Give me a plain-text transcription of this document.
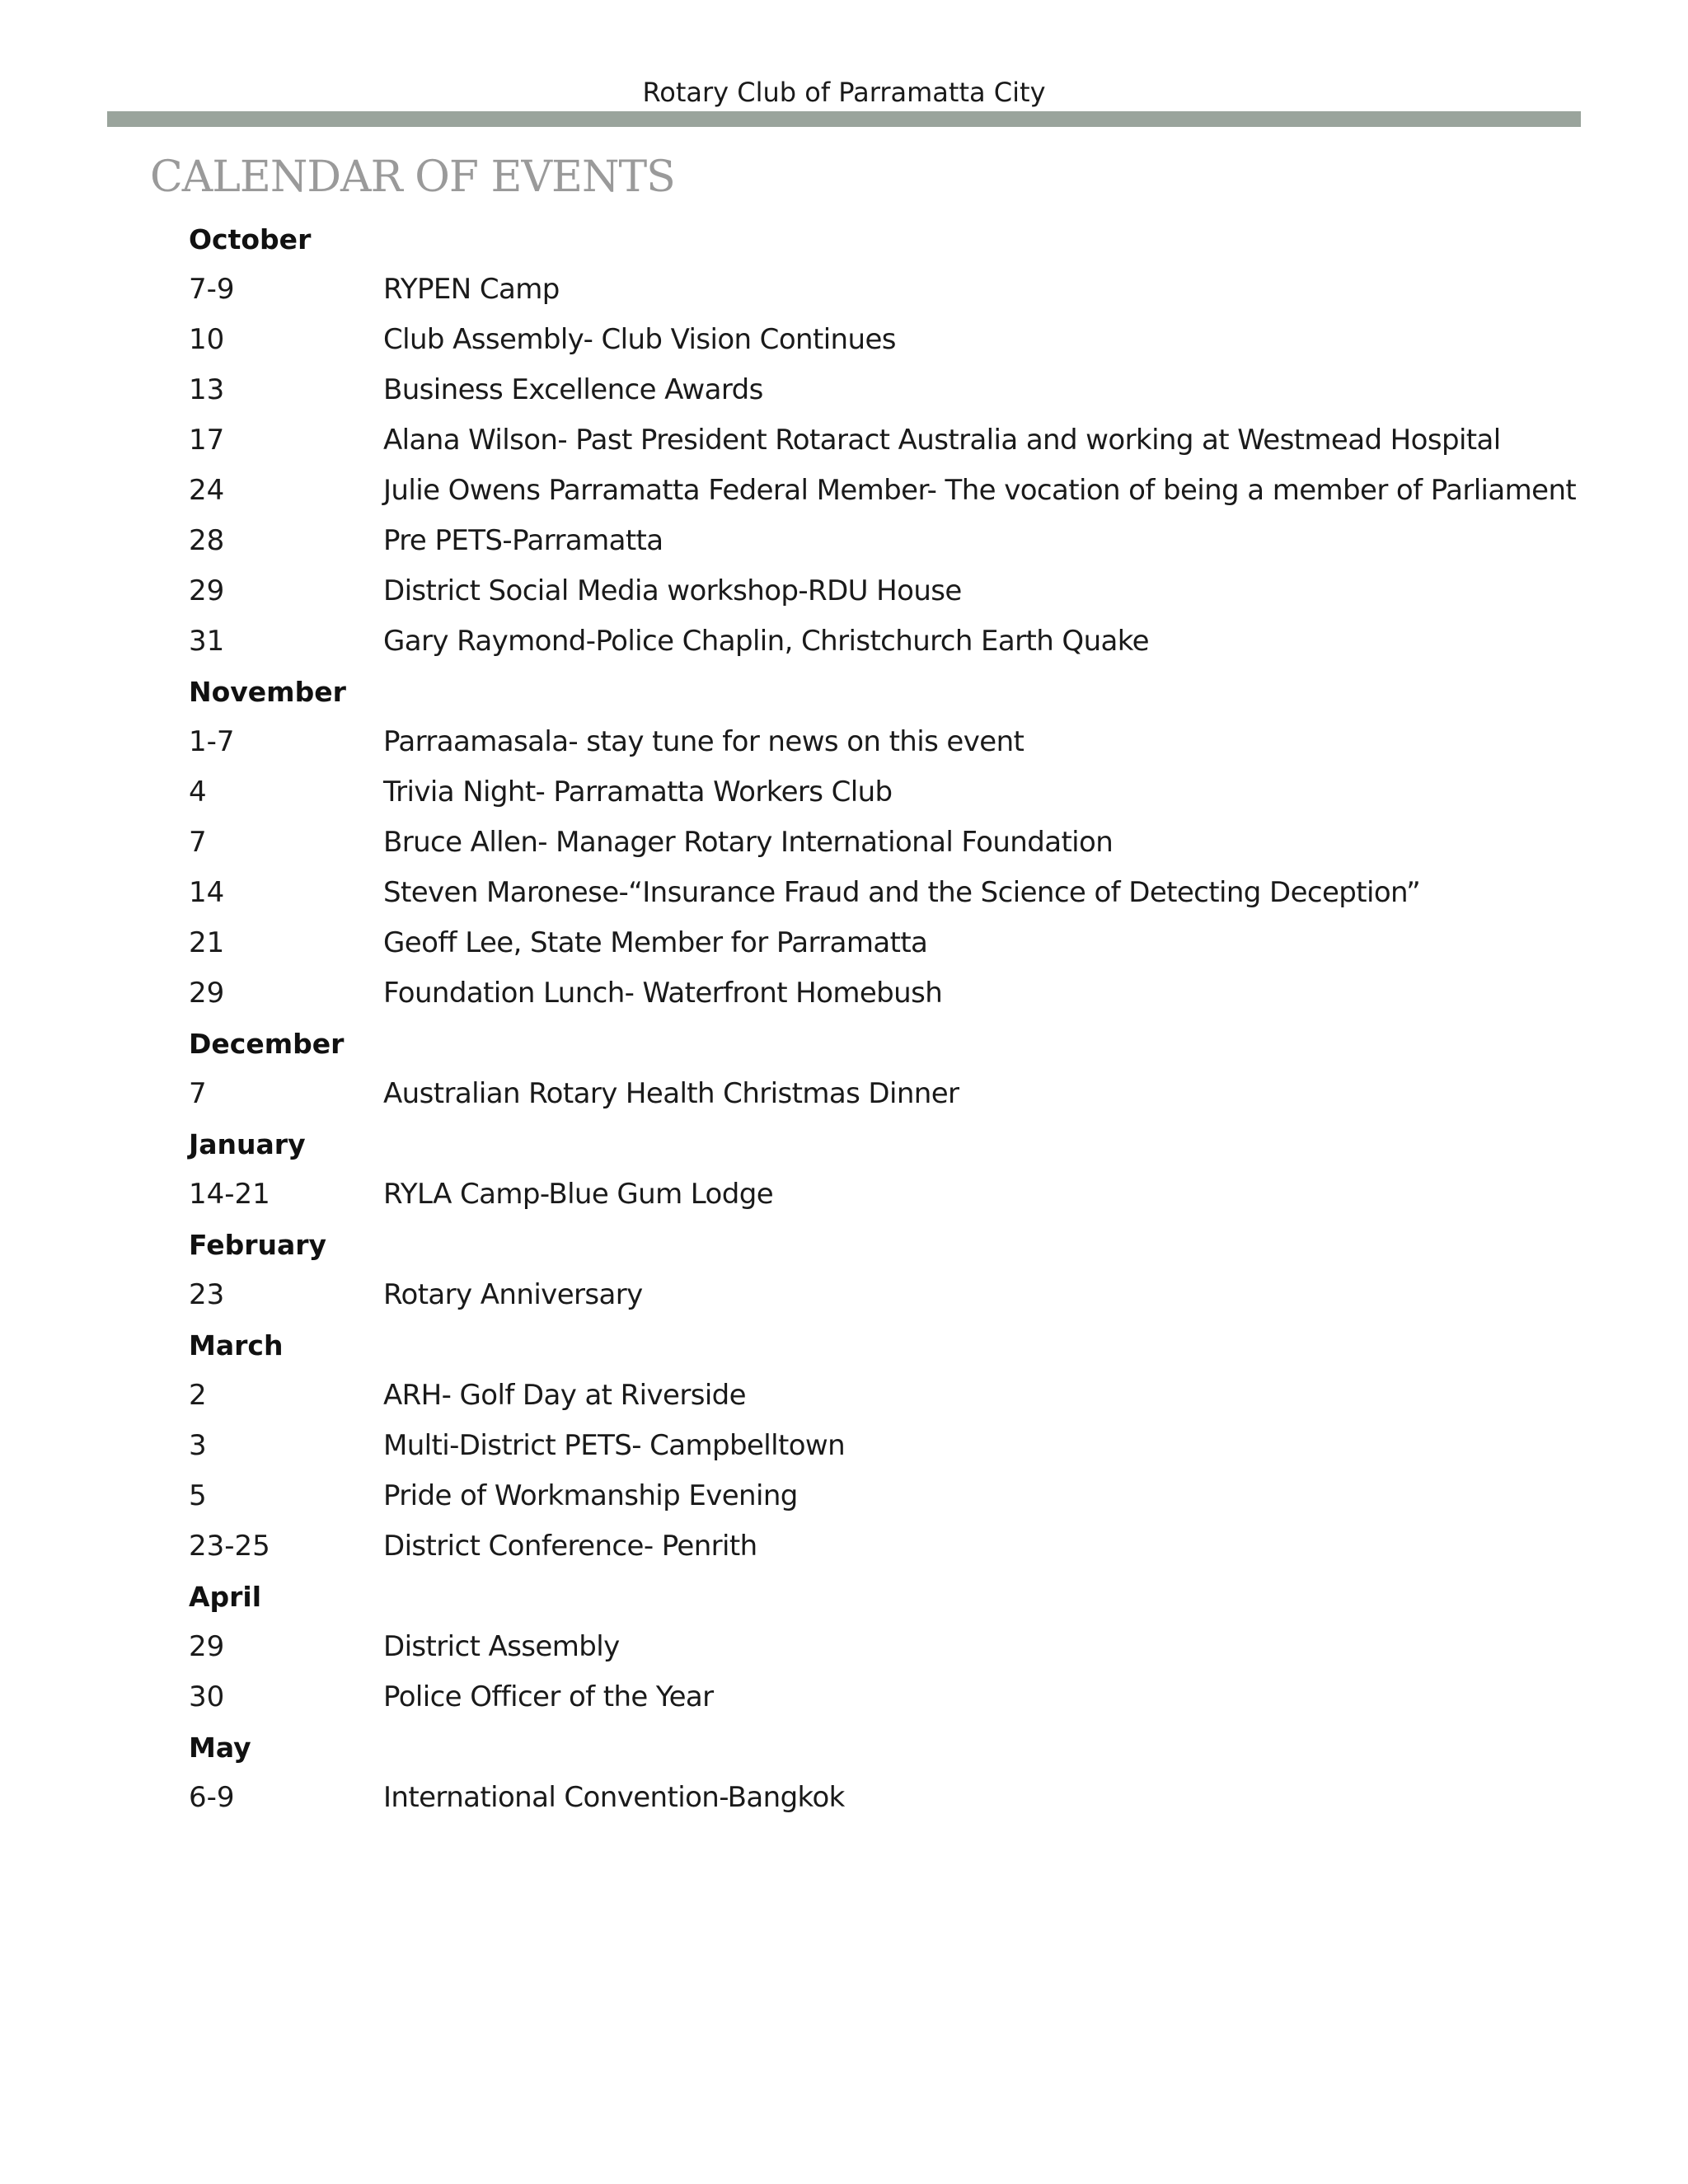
Rotary Club of Parramatta City
CALENDAR OF EVENTS
October
7-9	RYPEN Camp
10	Club Assembly- Club Vision Continues
13	Business Excellence Awards
17	Alana Wilson- Past President Rotaract Australia and working at Westmead Hospital
24	Julie Owens Parramatta Federal Member- The vocation of being a member of Parliament
28	Pre PETS-Parramatta
29	District Social Media workshop-RDU House
31	Gary Raymond-Police Chaplin, Christchurch Earth Quake
November
1-7	Parraamasala- stay tune for news on this event
4	Trivia Night- Parramatta Workers Club
7	Bruce Allen- Manager Rotary International Foundation
14	Steven Maronese-“Insurance Fraud and the Science of Detecting Deception”
21	Geoff Lee, State Member for Parramatta
29	Foundation Lunch- Waterfront Homebush
December
7	Australian Rotary Health Christmas Dinner
January
14-21	RYLA Camp-Blue Gum Lodge
February
23	Rotary Anniversary
March
2	ARH- Golf Day at Riverside
3	Multi-District PETS- Campbelltown
5	Pride of Workmanship Evening
23-25	District Conference- Penrith
April
29	District Assembly
30	Police Officer of the Year
May
6-9	International Convention-Bangkok
